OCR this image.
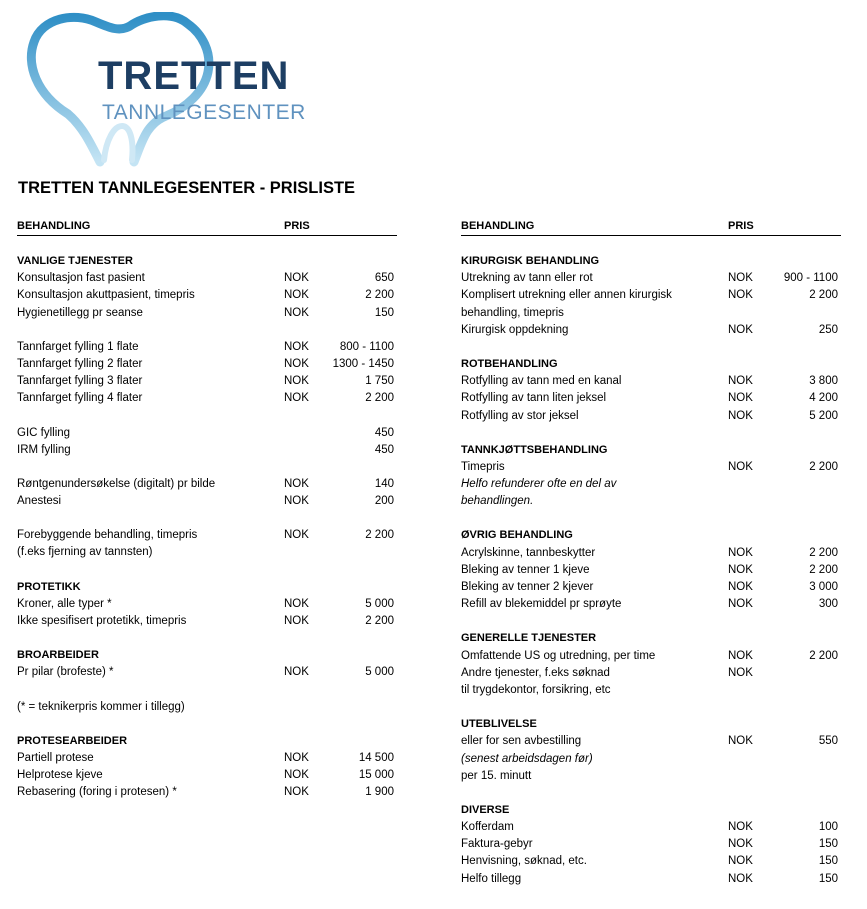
TRETTEN
TANNLEGESENTER
TRETTEN TANNLEGESENTER - PRISLISTE
BEHANDLING	PRIS
VANLIGE TJENESTER
Konsultasjon fast pasient	NOK	650
Konsultasjon akuttpasient, timepris	NOK	2 200
Hygienetillegg pr seanse	NOK	150
Tannfarget fylling 1 flate	NOK	800 - 1100
Tannfarget fylling 2 flater	NOK 1300 - 1450
Tannfarget fylling 3 flater	NOK	1 750
Tannfarget fylling 4 flater	NOK	2 200
GIC fylling	450
IRM fylling	450
Røntgenundersøkelse (digitalt) pr bilde	NOK	140
Anestesi	NOK	200
Forebyggende behandling, timepris	NOK	2 200
(f.eks fjerning av tannsten)
PROTETIKK
Kroner, alle typer *	NOK	5 000
Ikke spesifisert protetikk, timepris	NOK	2 200
BROARBEIDER
Pr pilar (brofeste) *	NOK	5 000
(* = teknikerpris kommer i tillegg)
PROTESEARBEIDER
Partiell protese	NOK	14 500
Helprotese kjeve	NOK	15 000
Rebasering (foring i protesen) *	NOK	1 900
BEHANDLING	PRIS
KIRURGISK BEHANDLING
Utrekning av tann eller rot	NOK	900 - 1100
Komplisert utrekning eller annen kirurgisk	NOK	2 200
behandling, timepris
Kirurgisk oppdekning	NOK	250
ROTBEHANDLING
Rotfylling av tann med en kanal	NOK	3 800
Rotfylling av tann liten jeksel	NOK	4 200
Rotfylling av stor jeksel	NOK	5 200
TANNKJØTTSBEHANDLING
Timepris	NOK	2 200
Helfo refunderer ofte en del av
behandlingen.
ØVRIG BEHANDLING
Acrylskinne, tannbeskytter	NOK	2 200
Bleking av tenner 1 kjeve	NOK	2 200
Bleking av tenner 2 kjever	NOK	3 000
Refill av blekemiddel pr sprøyte	NOK	300
GENERELLE TJENESTER
Omfattende US og utredning, per time	NOK	2 200
Andre tjenester, f.eks søknad	NOK
til trygdekontor, forsikring, etc
UTEBLIVELSE
eller for sen avbestilling	NOK	550
(senest arbeidsdagen før)
per 15. minutt
DIVERSE
Kofferdam	NOK	100
Faktura-gebyr	NOK	150
Henvisning, søknad, etc.	NOK	150
Helfo tillegg	NOK	150
